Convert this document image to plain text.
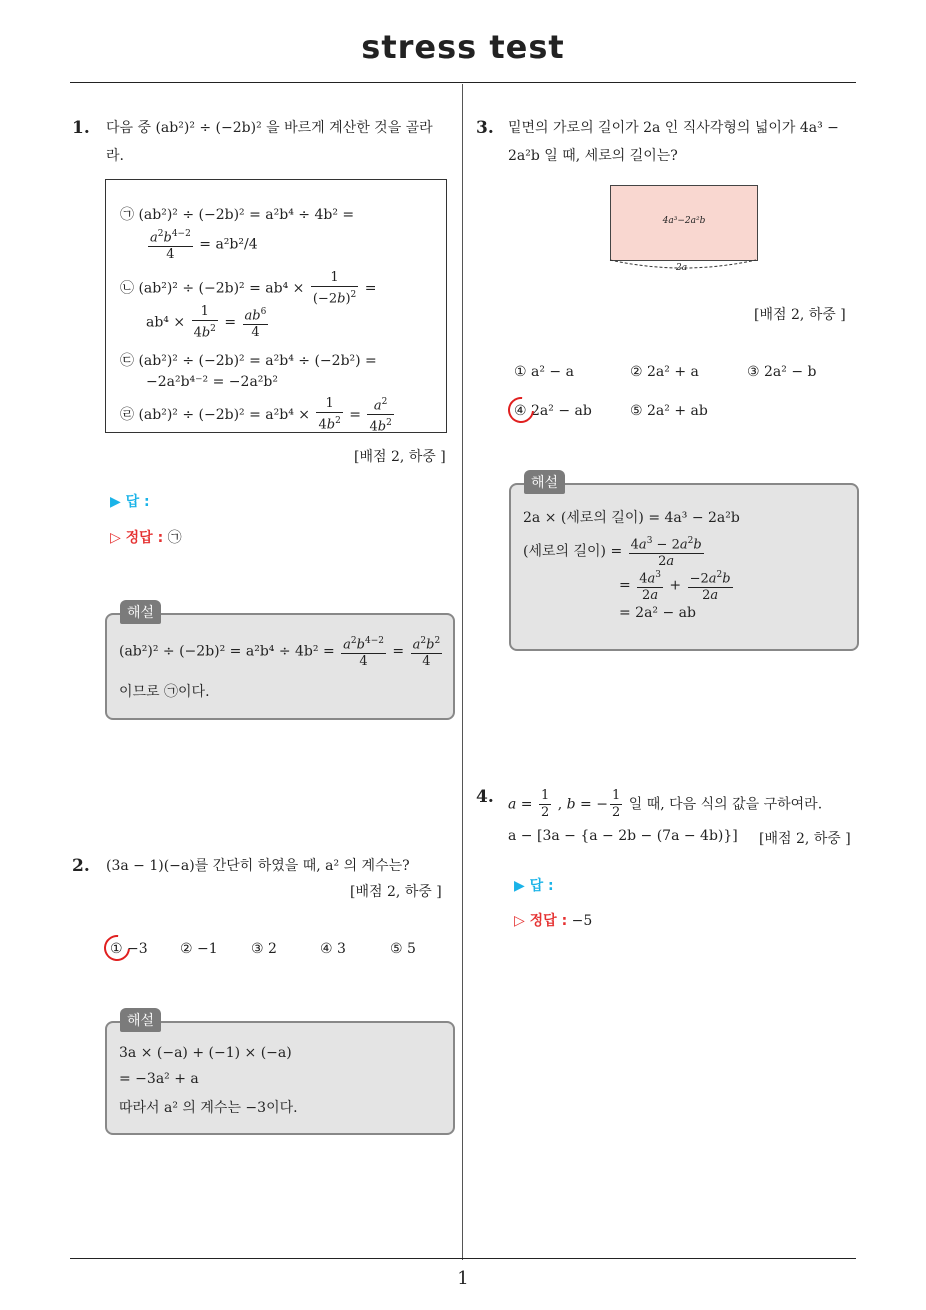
stress test
1
1. 다음 중 (ab²)² ÷ (−2b)² 을 바르게 계산한 것을 골라
라.
㉠ (ab²)² ÷ (−2b)² = a²b⁴ ÷ 4b² =
$\frac{a^2b^{4-2}}{4} = a^2b^2/4$
㉡ $(ab^2)^2 \div (-2b)^2 = ab^4 \times \frac{1}{(-2b)^2}$ =
$ab^4 \times \frac{1}{4b^2} = \frac{ab^6}{4}$
㉢ (ab²)² ÷ (−2b)² = a²b⁴ ÷ (−2b²) =
−2a²b⁴⁻² = −2a²b²
㉣ $(ab^2)^2 \div (-2b)^2 = a^2b^4 \times \frac{1}{4b^2} = \frac{a^2}{4b^2}$
[배점 2, 하중 ]
▶ 답 :
▷ 정답 : ㉠
$(ab^2)^2 \div (-2b)^2 = a^2b^4 \div 4b^2 = \frac{a^2b^{4-2}}{4} = \frac{a^2b^2}{4}$
이므로 ㉠이다.
해설
2. (3a − 1)(−a)를 간단히 하였을 때, a² 의 계수는?
[배점 2, 하중 ]
① −3 ② −1 ③ 2	④ 3	⑤ 5
3a × (−a) + (−1) × (−a)
= −3a² + a
따라서 a² 의 계수는 −3이다.
해설
3. 밑면의 가로의 길이가 2a 인 직사각형의 넓이가 4a³ −
2a²b 일 때, 세로의 길이는?
4a³−2a²b
2a
[배점 2, 하중 ]
① a² − a	② 2a² + a	③ 2a² − b
④ 2a² − ab	⑤ 2a² + ab
2a × (세로의 길이) = 4a³ − 2a²b
(세로의 길이) = $\frac{4a^3 - 2a^2b}{2a}$
= $\frac{4a^3}{2a} + \frac{-2a^2b}{2a}$
= 2a² − ab
해설
4. $a = \frac{1}{2}$ , b = − $\frac{1}{2}$ 일 때, 다음 식의 값을 구하여라.
a − [3a − {a − 2b − (7a − 4b)}] [배점 2, 하중 ]
▶ 답 :
▷ 정답 : −5
